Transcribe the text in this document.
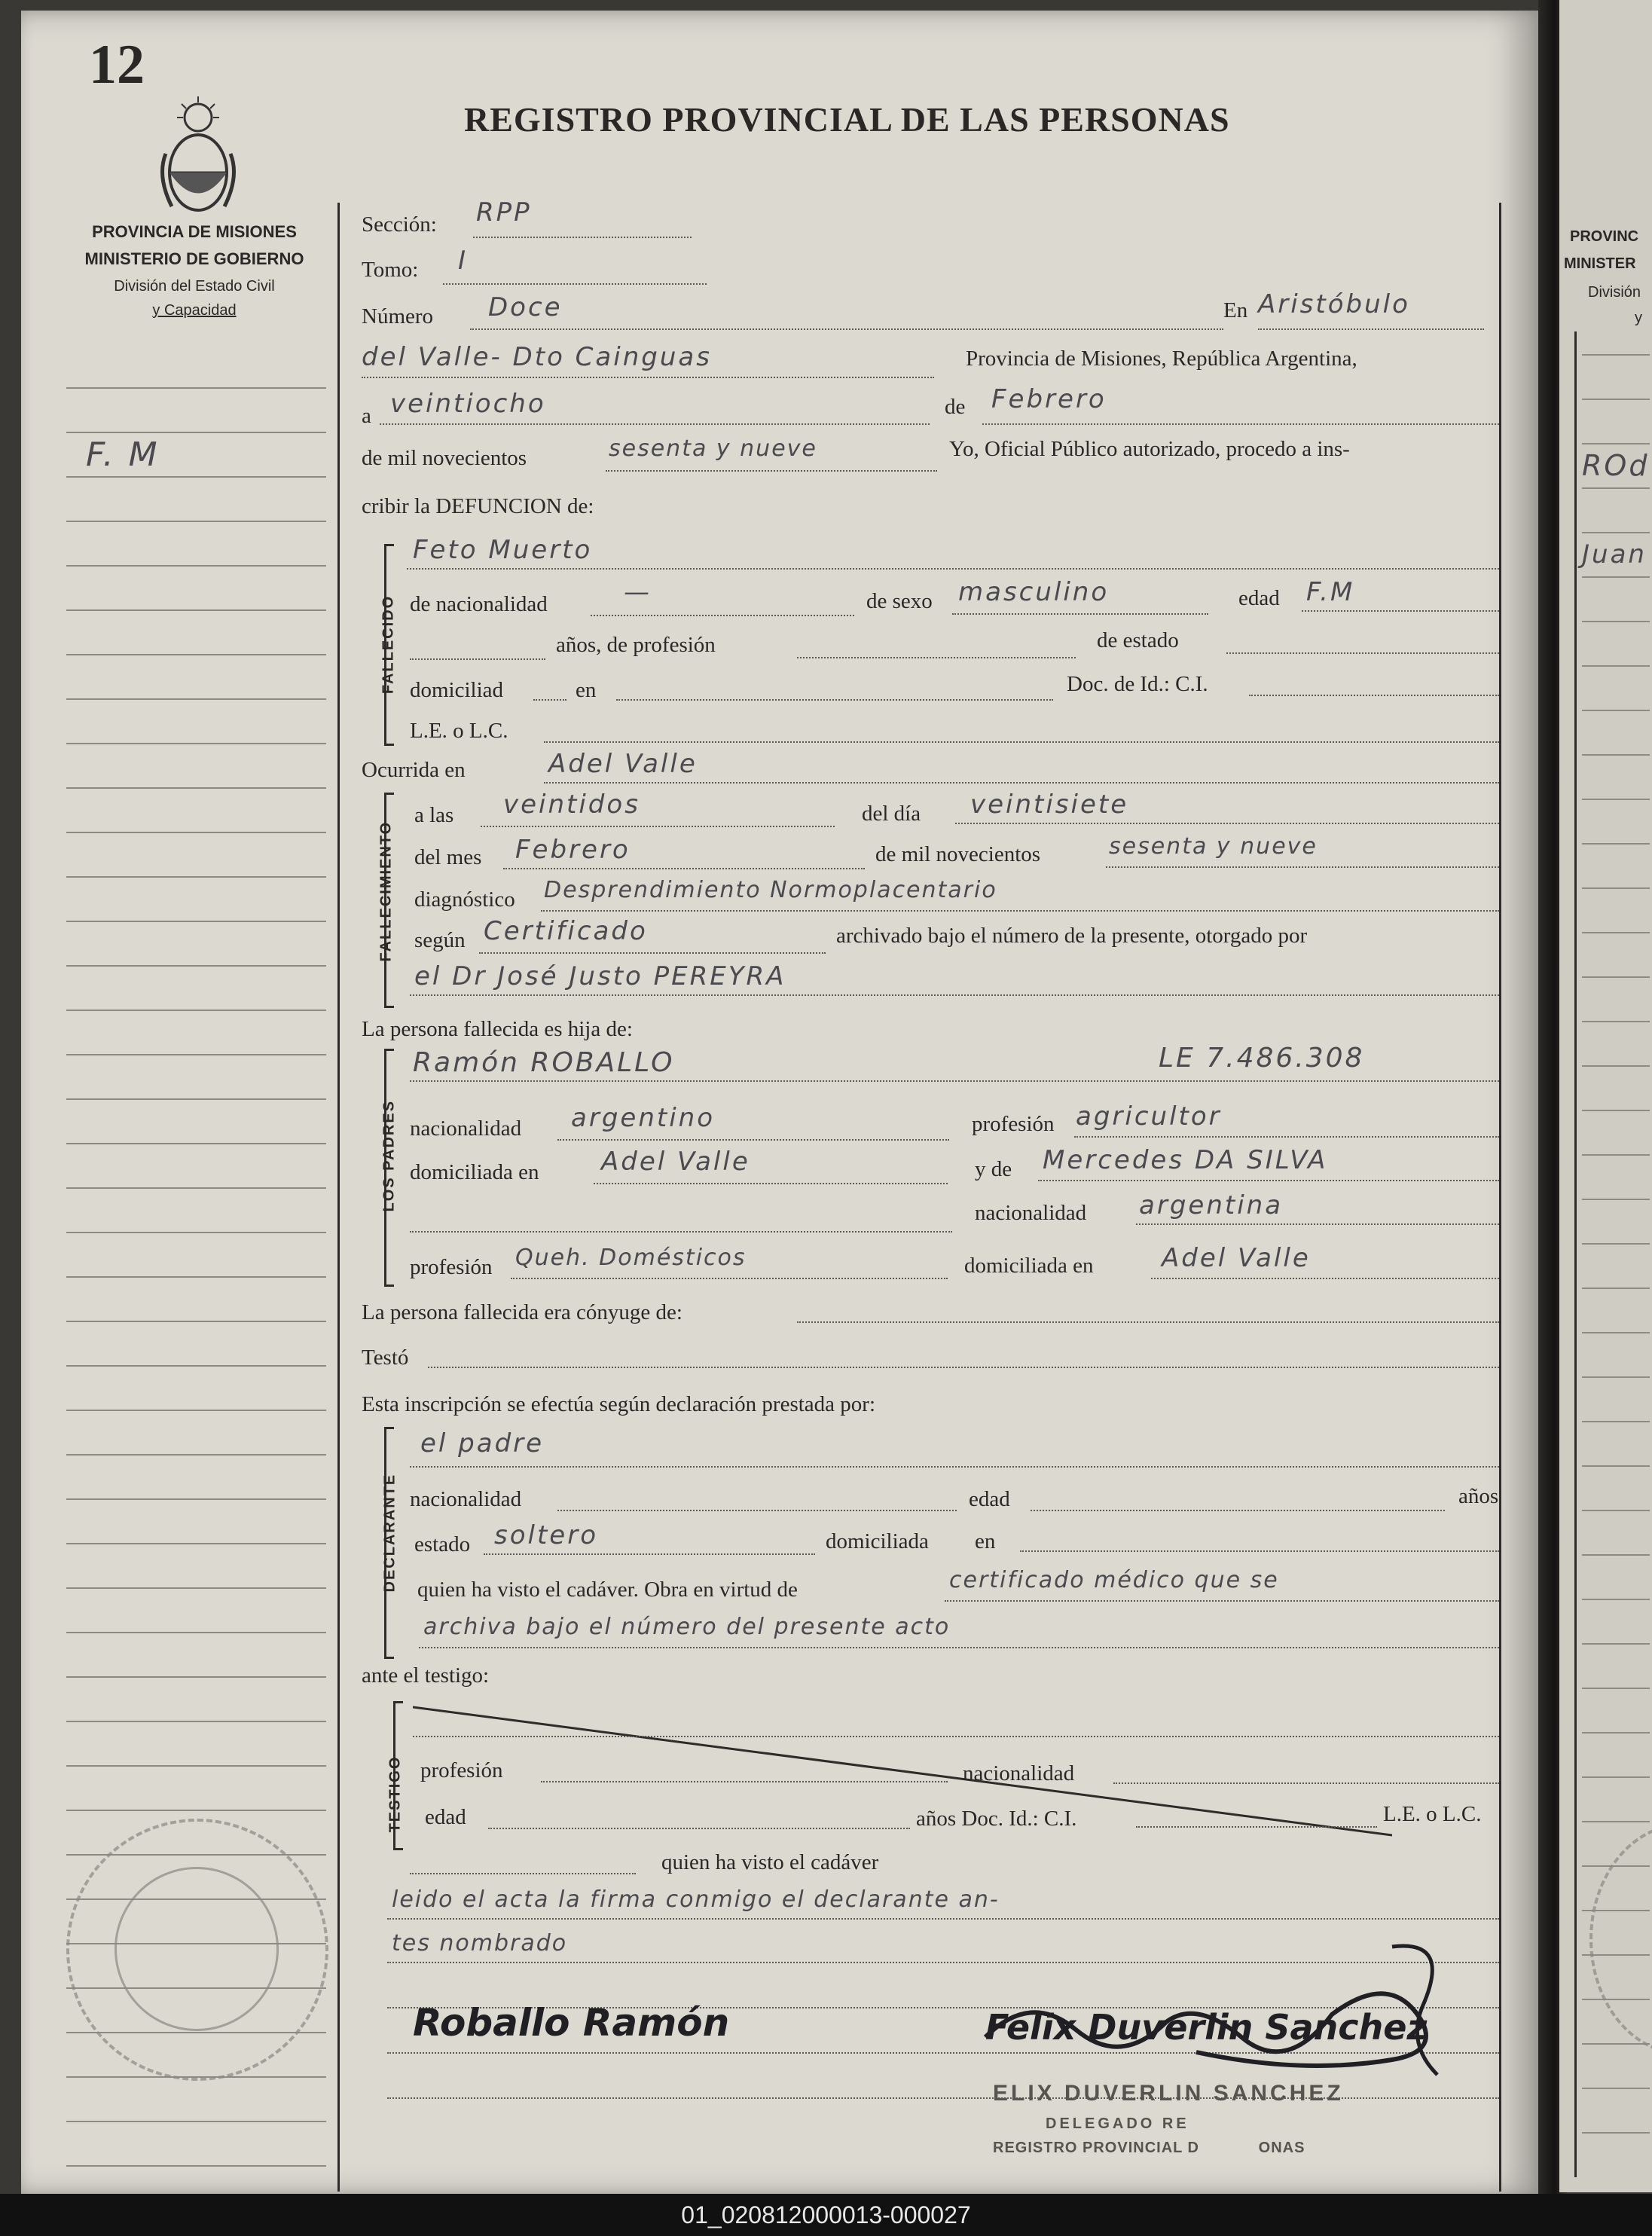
12
REGISTRO PROVINCIAL DE LAS PERSONAS
PROVINCIA DE MISIONES
MINISTERIO DE GOBIERNO
División del Estado Civil
y Capacidad
F. M
Sección: RPP
Tomo: I
Número Doce	En Aristóbulo
del Valle- Dto Cainguas	Provincia de Misiones, República Argentina,
a veintiocho	de Febrero
de mil novecientos	sesenta y nueve	Yo, Oficial Público autorizado, procedo a ins-
cribir la DEFUNCION de:
FALLECIDO
Feto Muerto
de nacionalidad	—	de sexo masculino	edad F.M
años, de profesión	de estado
domiciliad	en	Doc. de Id.: C.I.
L.E. o L.C.
Ocurrida en	Adel Valle
FALLECIMIENTO
a las veintidos	del día veintisiete
del mes Febrero	de mil novecientos	sesenta y nueve
diagnóstico Desprendimiento Normoplacentario
según Certificado	archivado bajo el número de la presente, otorgado por
el Dr José Justo PEREYRA
La persona fallecida es hija de:
LOS PADRES
Ramón ROBALLO	LE 7.486.308
nacionalidad argentino	profesión agricultor
domiciliada en Adel Valle	y de Mercedes DA SILVA
nacionalidad argentina
profesión Queh. Domésticos	domiciliada en	Adel Valle
La persona fallecida era cónyuge de:
Testó
Esta inscripción se efectúa según declaración prestada por:
DECLARANTE
el padre
nacionalidad	edad	años
estado soltero	domiciliada en
quien ha visto el cadáver. Obra en virtud de	certificado médico que se
archiva bajo el número del presente acto
ante el testigo:
TESTIGO profesión	nacionalidad
edad	años Doc. Id.: C.I.	L.E. o L.C.
quien ha visto el cadáver
leido el acta la firma conmigo el declarante an-
tes nombrado
Roballo Ramón	Felix Duverlin Sanchez
ELIX DUVERLIN SANCHEZ
DELEGADO RE
REGISTRO PROVINCIAL D            ONAS
PROVINC
MINISTER
División
y
ROd
Juan
01_020812000013-000027
